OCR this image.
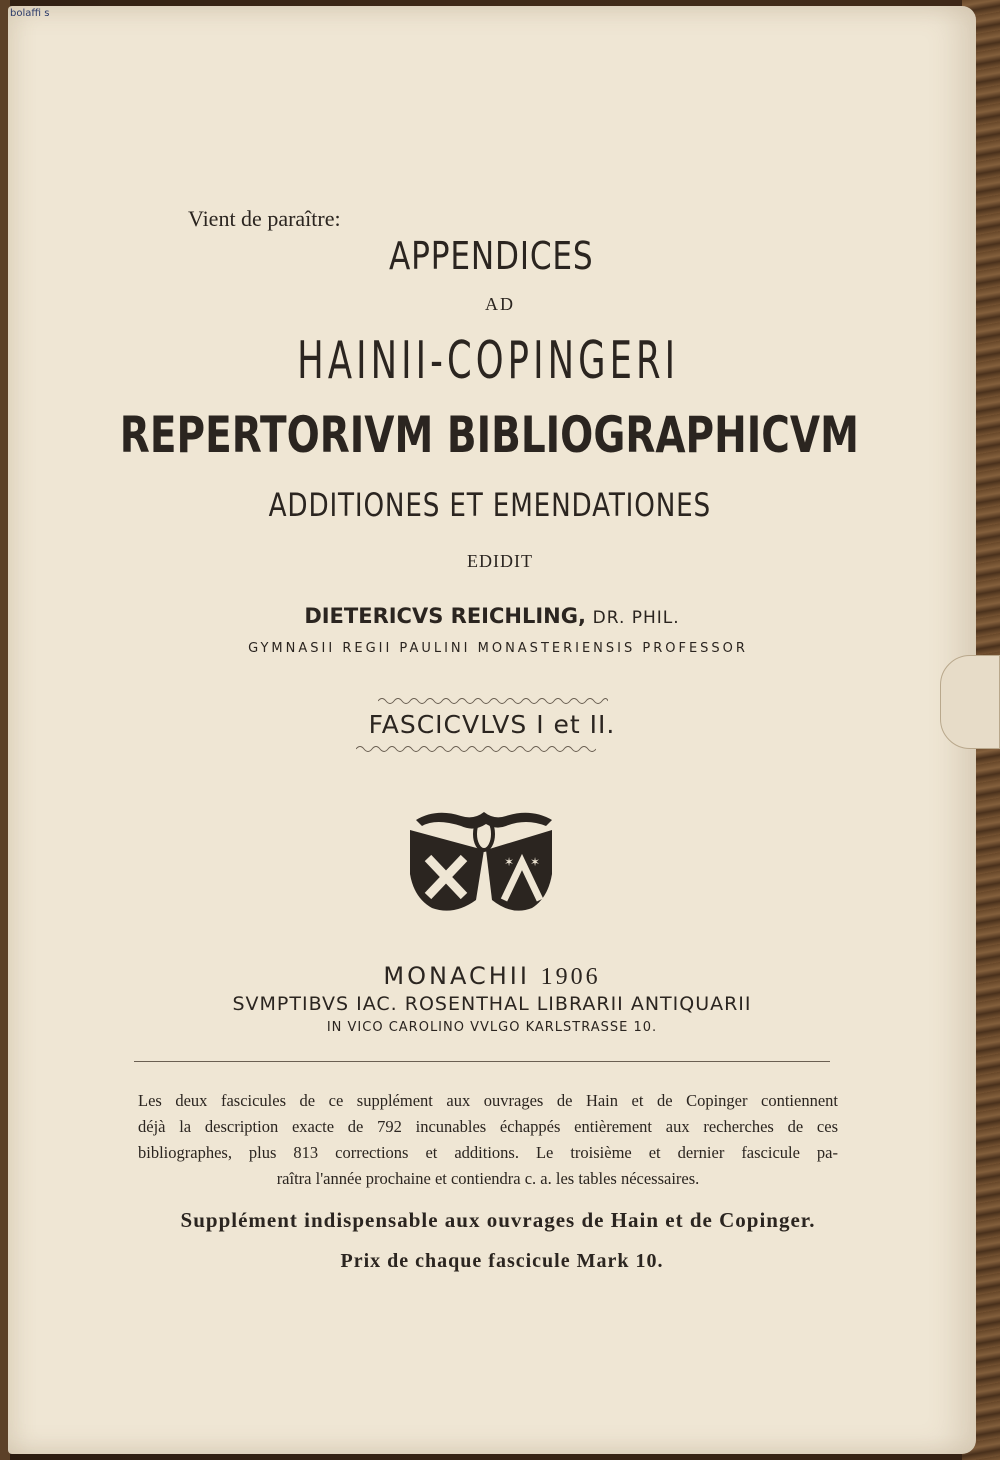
bolaffi s
Vient de paraître:
APPENDICES
AD
HAINII-COPINGERI
REPERTORIVM BIBLIOGRAPHICVM
ADDITIONES ET EMENDATIONES
EDIDIT
DIETERICVS REICHLING, DR. PHIL.
GYMNASII REGII PAULINI MONASTERIENSIS PROFESSOR
FASCICVLVS I et II.
✶ ✶
MONACHII 1906
SVMPTIBVS IAC. ROSENTHAL LIBRARII ANTIQUARII
IN VICO CAROLINO VVLGO KARLSTRASSE 10.
Les deux fascicules de ce supplément aux ouvrages de Hain et de Copinger contiennent
déjà la description exacte de 792 incunables échappés entièrement aux recherches de ces
bibliographes, plus 813 corrections et additions. Le troisième et dernier fascicule pa-
raîtra l'année prochaine et contiendra c. a. les tables nécessaires.
Supplément indispensable aux ouvrages de Hain et de Copinger.
Prix de chaque fascicule Mark 10.
